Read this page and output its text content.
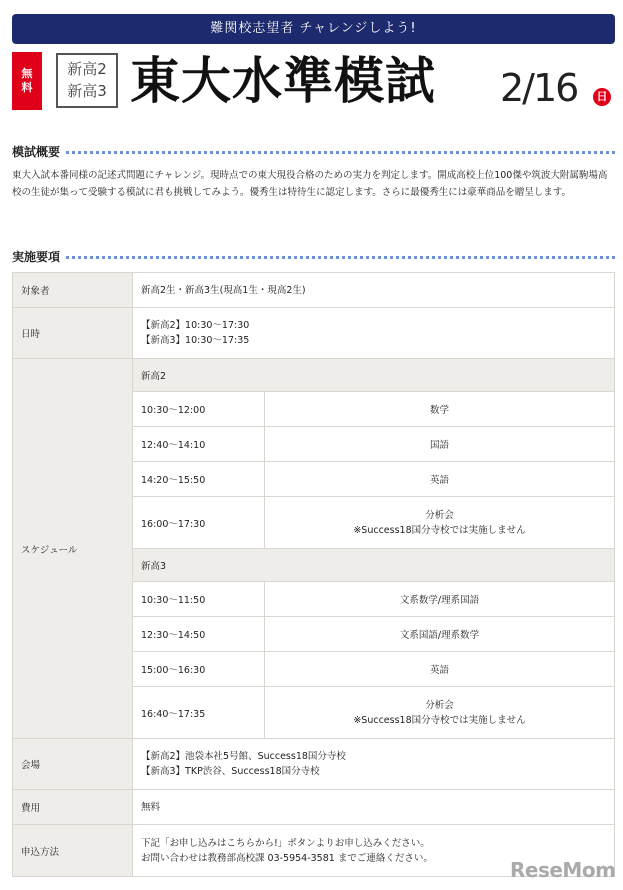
難関校志望者 チャレンジしよう!
無
料
新高2
新高3 東大水準模試 2/16	日
模試概要
東大入試本番同様の記述式問題にチャレンジ。現時点での東大現役合格のための実力を判定します。開成高校上位100傑や筑波大附属駒場高校の生徒が集って受験する模試に君も挑戦してみよう。優秀生は特待生に認定します。さらに最優秀生には豪華商品を贈呈します。
実施要項
対象者	新高2生・新高3生(現高1生・現高2生)	
日時	【新高2】10:30〜17:30
【新高3】10:30〜17:35	

スケジュール	新高2	
	10:30〜12:00	数学
	12:40〜14:10	国語
	14:20〜15:50	英語
	16:00〜17:30	分析会
※Success18国分寺校では実施しません

	新高3	
	10:30〜11:50	文系数学/理系国語
	12:30〜14:50	文系国語/理系数学
	15:00〜16:30	英語
	16:40〜17:35	分析会
※Success18国分寺校では実施しません

会場	【新高2】池袋本社5号館、Success18国分寺校
【新高3】TKP渋谷、Success18国分寺校	

費用	無料	
申込方法	下記「お申し込みはこちらから!」ボタンよりお申し込みください。
お問い合わせは教務部高校課 03-5954-3581 までご連絡ください。		ReseMom
